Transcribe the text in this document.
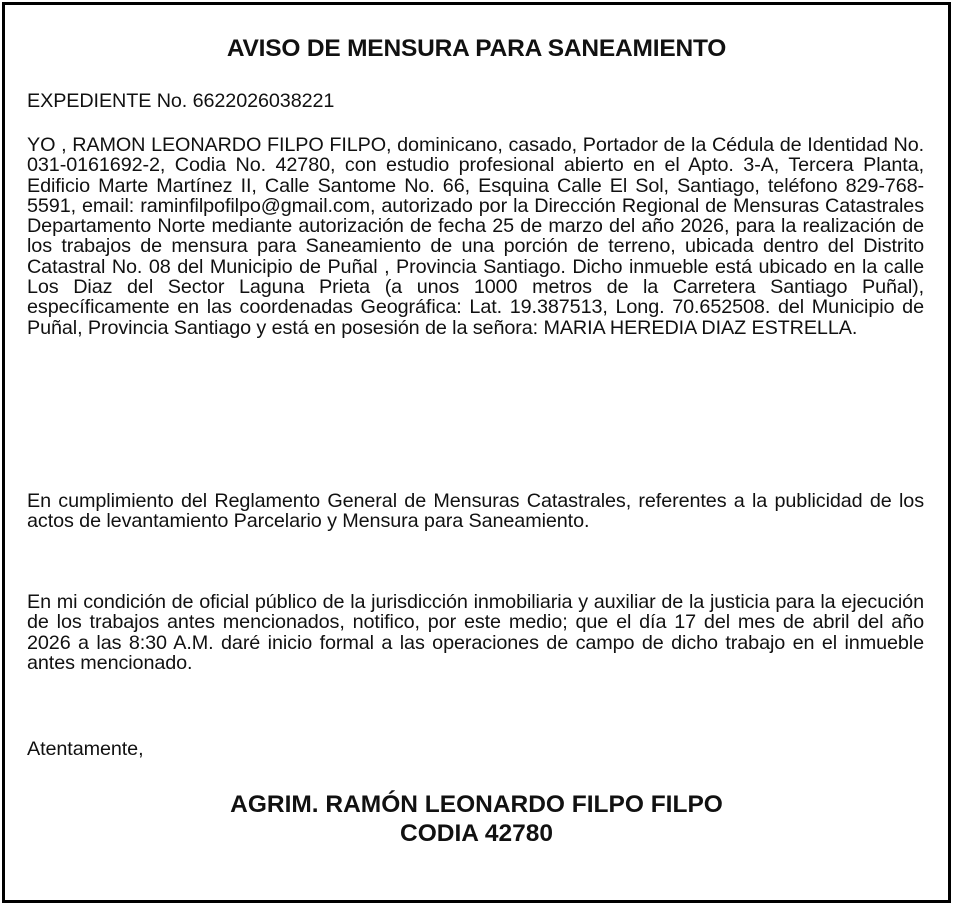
AVISO DE MENSURA PARA SANEAMIENTO

EXPEDIENTE No. 6622026038221

YO , RAMON LEONARDO FILPO FILPO, dominicano, casado, Portador de la Cédula de Identidad No. 031-0161692-2, Codia No. 42780, con estudio profesional abierto en el Apto. 3-A, Tercera Planta, Edificio Marte Martínez II, Calle Santome No. 66, Esquina Calle El Sol, Santiago, teléfono 829-768-5591, email: raminfilpofilpo@gmail.com, autorizado por la Dirección Regional de Mensuras Catastrales Departamento Norte mediante autorización de fecha 25 de marzo del año 2026, para la realización de los trabajos de mensura para Saneamiento de una porción de terreno, ubicada dentro del Distrito Catastral No. 08 del Municipio de Puñal , Provincia Santiago. Dicho inmueble está ubicado en la calle Los Diaz del Sector Laguna Prieta (a unos 1000 metros de la Carretera Santiago Puñal), específicamente en las coordenadas Geográfica: Lat. 19.387513, Long. 70.652508. del Municipio de Puñal, Provincia Santiago y está en posesión de la señora: MARIA HEREDIA DIAZ ESTRELLA.

En cumplimiento del Reglamento General de Mensuras Catastrales, referentes a la publicidad de los actos de levantamiento Parcelario y Mensura para Saneamiento.

En mi condición de oficial público de la jurisdicción inmobiliaria y auxiliar de la justicia para la ejecución de los trabajos antes mencionados, notifico, por este medio; que el día 17 del mes de abril del año 2026 a las 8:30 A.M. daré inicio formal a las operaciones de campo de dicho trabajo en el inmueble antes mencionado.

Atentamente,

AGRIM. RAMÓN LEONARDO FILPO FILPO

CODIA 42780
